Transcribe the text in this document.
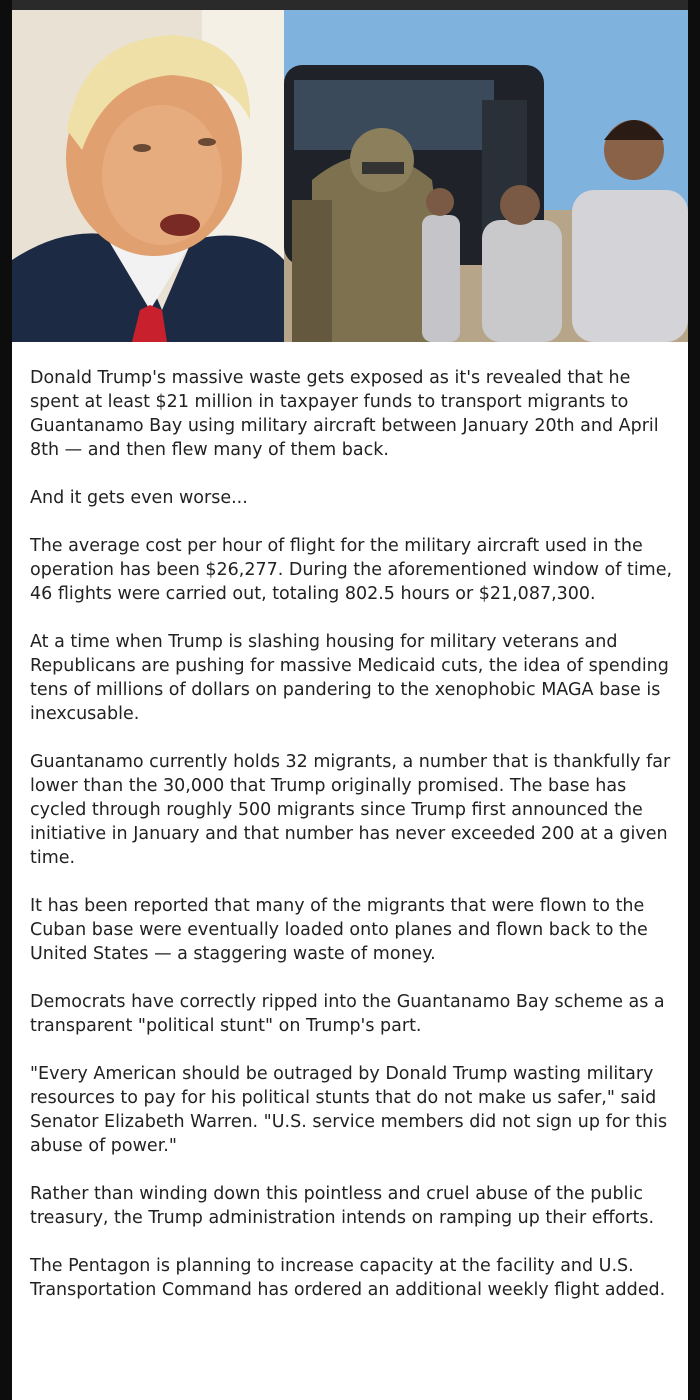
Donald Trump's massive waste gets exposed as it's revealed that he spent at least $21 million in taxpayer funds to transport migrants to Guantanamo Bay using military aircraft between January 20th and April 8th — and then flew many of them back.

And it gets even worse...

The average cost per hour of flight for the military aircraft used in the operation has been $26,277. During the aforementioned window of time, 46 flights were carried out, totaling 802.5 hours or $21,087,300.

At a time when Trump is slashing housing for military veterans and Republicans are pushing for massive Medicaid cuts, the idea of spending tens of millions of dollars on pandering to the xenophobic MAGA base is inexcusable.

Guantanamo currently holds 32 migrants, a number that is thankfully far lower than the 30,000 that Trump originally promised. The base has cycled through roughly 500 migrants since Trump first announced the initiative in January and that number has never exceeded 200 at a given time.

It has been reported that many of the migrants that were flown to the Cuban base were eventually loaded onto planes and flown back to the United States — a staggering waste of money.

Democrats have correctly ripped into the Guantanamo Bay scheme as a transparent "political stunt" on Trump's part.

"Every American should be outraged by Donald Trump wasting military resources to pay for his political stunts that do not make us safer," said Senator Elizabeth Warren. "U.S. service members did not sign up for this abuse of power."

Rather than winding down this pointless and cruel abuse of the public treasury, the Trump administration intends on ramping up their efforts.

The Pentagon is planning to increase capacity at the facility and U.S. Transportation Command has ordered an additional weekly flight added.
